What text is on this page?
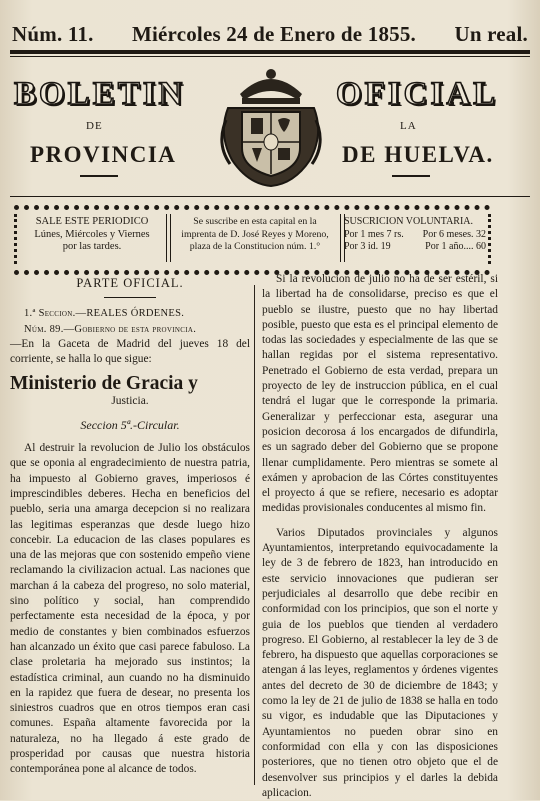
Núm. 11. Miércoles 24 de Enero de 1855. Un real.
BOLETIN	OFICIAL
DE	LA
PROVINCIA	DE HUELVA.
SALE ESTE PERIODICO
Lúnes, Miércoles y Viernes
por las tardes.
Se suscribe en esta capital en la
imprenta de D. José Reyes y Moreno,
plaza de la Constitucion núm. 1.°
SUSCRICION VOLUNTARIA.
Por 1 mes 7 rs. Por 6 meses. 32
Por 3 id. 19	Por 1 año.... 60
PARTE OFICIAL.

1.ª Seccion.—REALES ÓRDENES.

Núm. 89.—Gobierno de esta provincia.

—En la Gaceta de Madrid del jueves 18 del corriente, se halla lo que sigue:

Ministerio de Gracia y
Justicia.
Seccion 5ª.-Circular.

Al destruir la revolucion de Julio los obstáculos que se oponia al engradecimiento de nuestra patria, ha impuesto al Gobierno graves, imperiosos é imprescindibles deberes. Hecha en beneficios del pueblo, seria una amarga decepcion si no realizara las legitimas esperanzas que desde luego hizo concebir. La educacion de las clases populares es una de las mejoras que con sostenido empeño viene reclamando la civilizacion actual. Las naciones que marchan á la cabeza del progreso, no solo material, sino político y social, han comprendido perfectamente esta necesidad de la época, y por medio de constantes y bien combinados esfuerzos han alcanzado un éxito que casi parece fabuloso. La clase proletaria ha mejorado sus instintos; la estadística criminal, aun cuando no ha disminuido en la rapidez que fuera de desear, no presenta los siniestros cuadros que en otros tiempos eran casi comunes. España altamente favorecida por la naturaleza, no ha llegado á este grado de prosperidad por causas que nuestra historia contemporánea pone al alcance de todos.

Si la revolucion de julio no ha de ser estéril, si la libertad ha de consolidarse, preciso es que el pueblo se ilustre, puesto que no hay libertad posible, puesto que esta es el principal elemento de todas las sociedades y especialmente de las que se hallan regidas por el sistema representativo. Penetrado el Gobierno de esta verdad, prepara un proyecto de ley de instruccion pública, en el cual tendrá el lugar que le corresponde la primaria. Generalizar y perfeccionar esta, asegurar una posicion decorosa á los encargados de difundirla, es un sagrado deber del Gobierno que se propone llenar cumplidamente. Pero mientras se somete al exámen y aprobacion de las Córtes constituyentes el proyecto á que se refiere, necesario es adoptar medidas provisionales conducentes al mismo fin.

Varios Diputados provinciales y algunos Ayuntamientos, interpretando equivocadamente la ley de 3 de febrero de 1823, han introducido en este servicio innovaciones que pudieran ser perjudiciales al desarrollo que debe recibir en conformidad con los principios, que son el norte y guia de los pueblos que tienden al verdadero progreso. El Gobierno, al restablecer la ley de 3 de febrero, ha dispuesto que aquellas corporaciones se atengan á las leyes, reglamentos y órdenes vigentes antes del decreto de 30 de diciembre de 1843; y como la ley de 21 de julio de 1838 se halla en todo su vigor, es indudable que las Diputaciones y Ayuntamientos no pueden obrar sino en conformidad con ella y con las disposiciones posteriores, que no tienen otro objeto que el de desenvolver sus principios y el darles la debida aplicacion.
